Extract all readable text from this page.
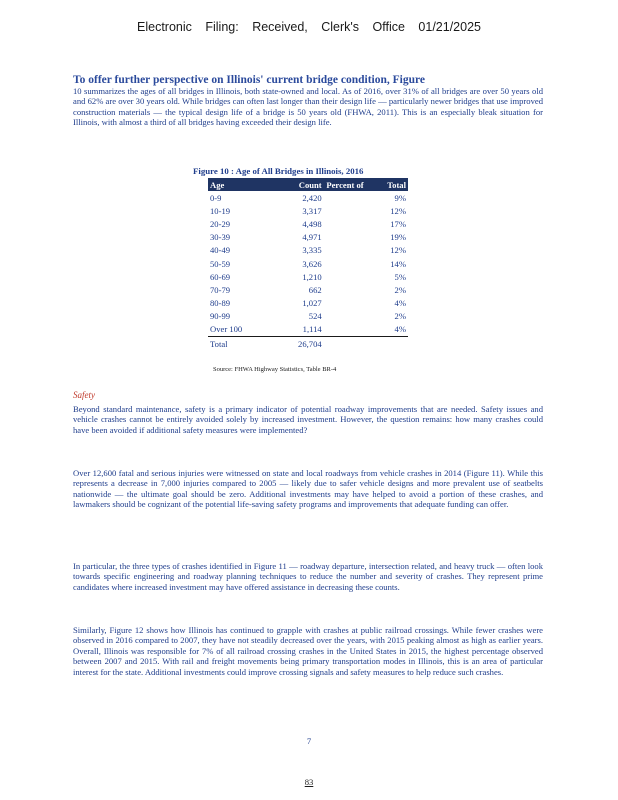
Electronic Filing: Received, Clerk's Office 01/21/2025
To offer further perspective on Illinois' current bridge condition, Figure
10 summarizes the ages of all bridges in Illinois, both state-owned and local. As of 2016, over 31% of all bridges are over 50 years old and 62% are over 30 years old. While bridges can often last longer than their design life — particularly newer bridges that use improved construction materials — the typical design life of a bridge is 50 years old (FHWA, 2011). This is an especially bleak situation for Illinois, with almost a third of all bridges having exceeded their design life.
Figure 10 : Age of All Bridges in Illinois, 2016
Age	Count	Percent of	Total
0-9	2,420		9%
10-19	3,317		12%
20-29	4,498		17%
30-39	4,971		19%
40-49	3,335		12%
50-59	3,626		14%
60-69	1,210		5%
70-79	662		2%
80-89	1,027		4%
90-99	524		2%
Over 100	1,114		4%
Total	26,704		
Source: FHWA Highway Statistics, Table BR-4
Safety
Beyond standard maintenance, safety is a primary indicator of potential roadway improvements that are needed. Safety issues and vehicle crashes cannot be entirely avoided solely by increased investment. However, the question remains: how many crashes could have been avoided if additional safety measures were implemented?
Over 12,600 fatal and serious injuries were witnessed on state and local roadways from vehicle crashes in 2014 (Figure 11). While this represents a decrease in 7,000 injuries compared to 2005 — likely due to safer vehicle designs and more prevalent use of seatbelts nationwide — the ultimate goal should be zero. Additional investments may have helped to avoid a portion of these crashes, and lawmakers should be cognizant of the potential life-saving safety programs and improvements that adequate funding can offer.
In particular, the three types of crashes identified in Figure 11 — roadway departure, intersection related, and heavy truck — often look towards specific engineering and roadway planning techniques to reduce the number and severity of crashes. They represent prime candidates where increased investment may have offered assistance in decreasing these counts.
Similarly, Figure 12 shows how Illinois has continued to grapple with crashes at public railroad crossings. While fewer crashes were observed in 2016 compared to 2007, they have not steadily decreased over the years, with 2015 peaking almost as high as earlier years. Overall, Illinois was responsible for 7% of all railroad crossing crashes in the United States in 2015, the highest percentage observed between 2007 and 2015. With rail and freight movements being primary transportation modes in Illinois, this is an area of particular interest for the state. Additional investments could improve crossing signals and safety measures to help reduce such crashes.
7
83
